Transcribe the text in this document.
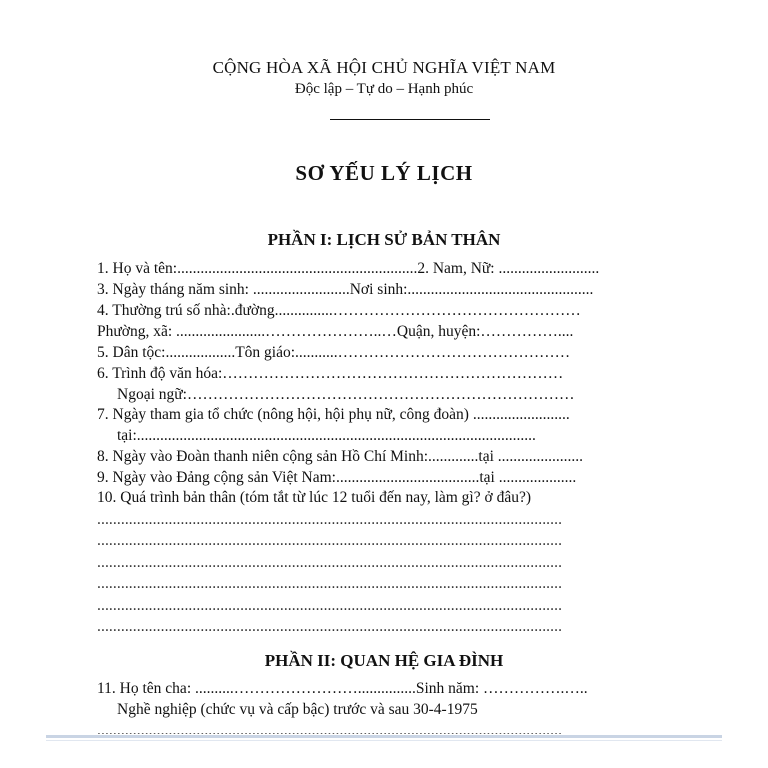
CỘNG HÒA XÃ HỘI CHỦ NGHĨA VIỆT NAM
Độc lập – Tự do – Hạnh phúc
SƠ YẾU LÝ LỊCH
PHẦN I: LỊCH SỬ BẢN THÂN
1. Họ và tên:..............................................................2. Nam, Nữ: ..........................
3. Ngày tháng năm sinh: .........................Nơi sinh:................................................
4. Thường trú số nhà:.đường...............…………………………………………
Phường, xã: .......................…………………..…Quận, huyện:……………....
5. Dân tộc:..................Tôn giáo:...........………………………………………
6. Trình độ văn hóa:…………………………………………………………
Ngoại ngữ:…………………………………………………………………
7. Ngày tham gia tổ chức (nông hội, hội phụ nữ, công đoàn) .........................
tại:.......................................................................................................
8. Ngày vào Đoàn thanh niên cộng sản Hồ Chí Minh:.............tại ......................
9. Ngày vào Đảng cộng sản Việt Nam:.....................................tại ....................
10. Quá trình bản thân (tóm tắt từ lúc 12 tuổi đến nay, làm gì? ở đâu?)
.....................................................................................................................
.....................................................................................................................
.....................................................................................................................
.....................................................................................................................
.....................................................................................................................
.....................................................................................................................
PHẦN II: QUAN HỆ GIA ĐÌNH
11. Họ tên cha: ..........……………………...............Sinh năm: …………….…..
Nghề nghiệp (chức vụ và cấp bậc) trước và sau 30-4-1975
.....................................................................................................................
